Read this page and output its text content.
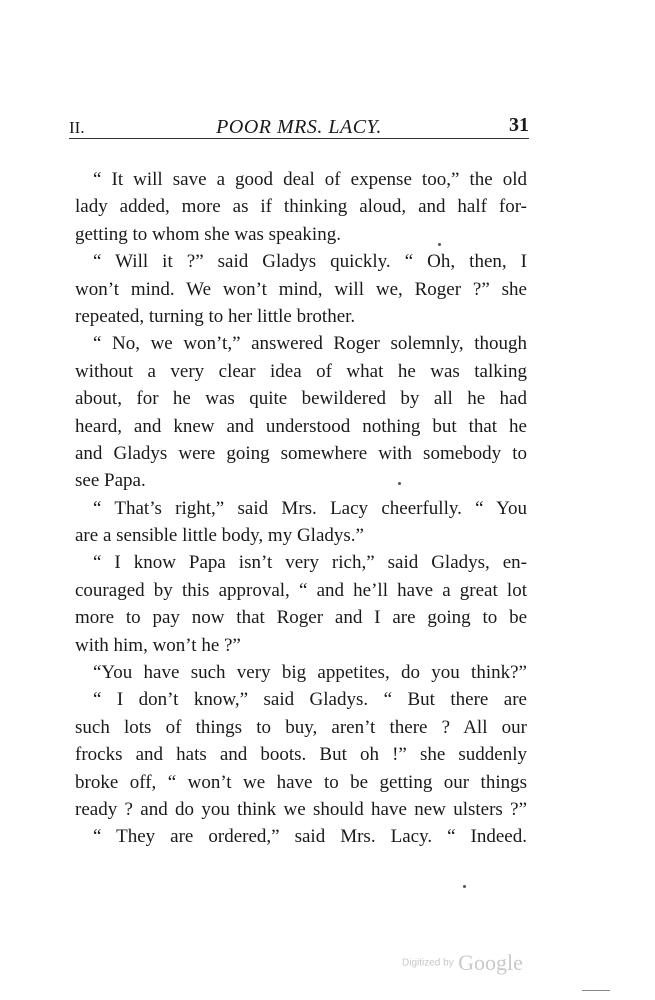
II.	POOR MRS. LACY.	31
“ It will save a good deal of expense too,” the old
lady added, more as if thinking aloud, and half for-
getting to whom she was speaking.
“ Will it ?” said Gladys quickly. “ Oh, then, I
won’t mind. We won’t mind, will we, Roger ?” she
repeated, turning to her little brother.
“ No, we won’t,” answered Roger solemnly, though
without a very clear idea of what he was talking
about, for he was quite bewildered by all he had
heard, and knew and understood nothing but that he
and Gladys were going somewhere with somebody to
see Papa.
“ That’s right,” said Mrs. Lacy cheerfully. “ You
are a sensible little body, my Gladys.”
“ I know Papa isn’t very rich,” said Gladys, en-
couraged by this approval, “ and he’ll have a great lot
more to pay now that Roger and I are going to be
with him, won’t he ?”
“You have such very big appetites, do you think?”
“ I don’t know,” said Gladys. “ But there are
such lots of things to buy, aren’t there ? All our
frocks and hats and boots. But oh !” she suddenly
broke off, “ won’t we have to be getting our things
ready ? and do you think we should have new ulsters ?”
“ They are ordered,” said Mrs. Lacy. “ Indeed.
Digitized by Google
